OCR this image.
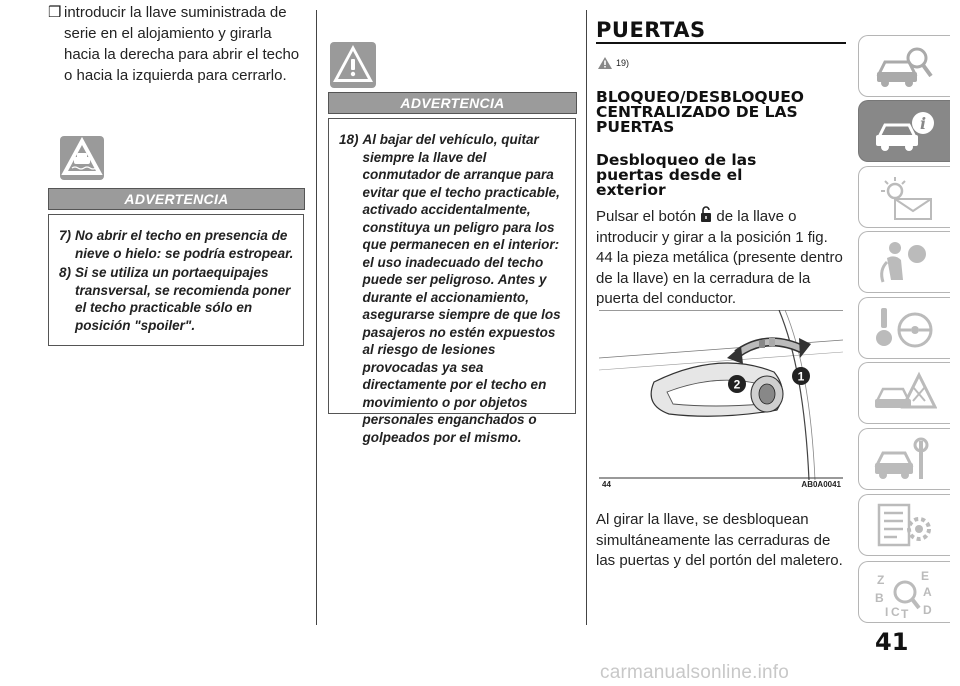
❒ introducir la llave suministrada de serie en el alojamiento y girarla hacia la derecha para abrir el techo o hacia la izquierda para cerrarlo.
ADVERTENCIA
7) No abrir el techo en presencia de nieve o hielo: se podría estropear.
8) Si se utiliza un portaequipajes transversal, se recomienda poner el techo practicable sólo en posición "spoiler".
ADVERTENCIA
18) Al bajar del vehículo, quitar siempre la llave del conmutador de arranque para evitar que el techo practicable, activado accidentalmente, constituya un peligro para los que permanecen en el interior: el uso inadecuado del techo puede ser peligroso. Antes y durante el accionamiento, asegurarse siempre de que los pasajeros no estén expuestos al riesgo de lesiones provocadas ya sea directamente por el techo en movimiento o por objetos personales enganchados o golpeados por el mismo.
PUERTAS
19)
BLOQUEO/DESBLOQUEO CENTRALIZADO DE LAS PUERTAS
Desbloqueo de las puertas desde el exterior
Pulsar el botón de la llave o introducir y girar a la posición 1 fig. 44 la pieza metálica (presente dentro de la llave) en la cerradura de la puerta del conductor.
1
2
44	AB0A0041
Al girar la llave, se desbloquean simultáneamente las cerraduras de las puertas y del portón del maletero.
i
Z	E
B	A
I C T D
41
carmanualsonline.info
